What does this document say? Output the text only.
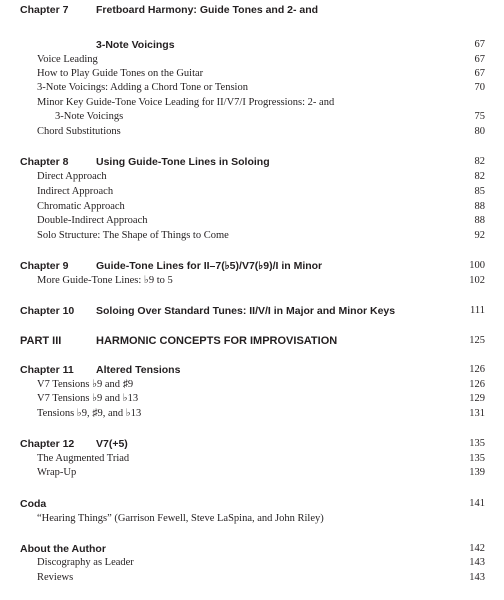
Chapter 7	Fretboard Harmony: Guide Tones and 2- and
3-Note Voicings	67
Voice Leading	67
How to Play Guide Tones on the Guitar	67
3-Note Voicings: Adding a Chord Tone or Tension	70
Minor Key Guide-Tone Voice Leading for II/V7/I Progressions: 2- and
3-Note Voicings	75
Chord Substitutions	80
Chapter 8	Using Guide-Tone Lines in Soloing	82
Direct Approach	82
Indirect Approach	85
Chromatic Approach	88
Double-Indirect Approach	88
Solo Structure: The Shape of Things to Come	92
Chapter 9	Guide-Tone Lines for II–7(♭5)/V7(♭9)/I in Minor	100
More Guide-Tone Lines: ♭9 to 5	102
Chapter 10 Soloing Over Standard Tunes: II/V/I in Major and Minor Keys	111
PART III	HARMONIC CONCEPTS FOR IMPROVISATION	125
Chapter 11 Altered Tensions	126
V7 Tensions ♭9 and ♯9	126
V7 Tensions ♭9 and ♭13	129
Tensions ♭9, ♯9, and ♭13	131
Chapter 12 V7(+5)	135
The Augmented Triad	135
Wrap-Up	139
Coda	141
“Hearing Things” (Garrison Fewell, Steve LaSpina, and John Riley)
About the Author	142
Discography as Leader	143
Reviews	143
